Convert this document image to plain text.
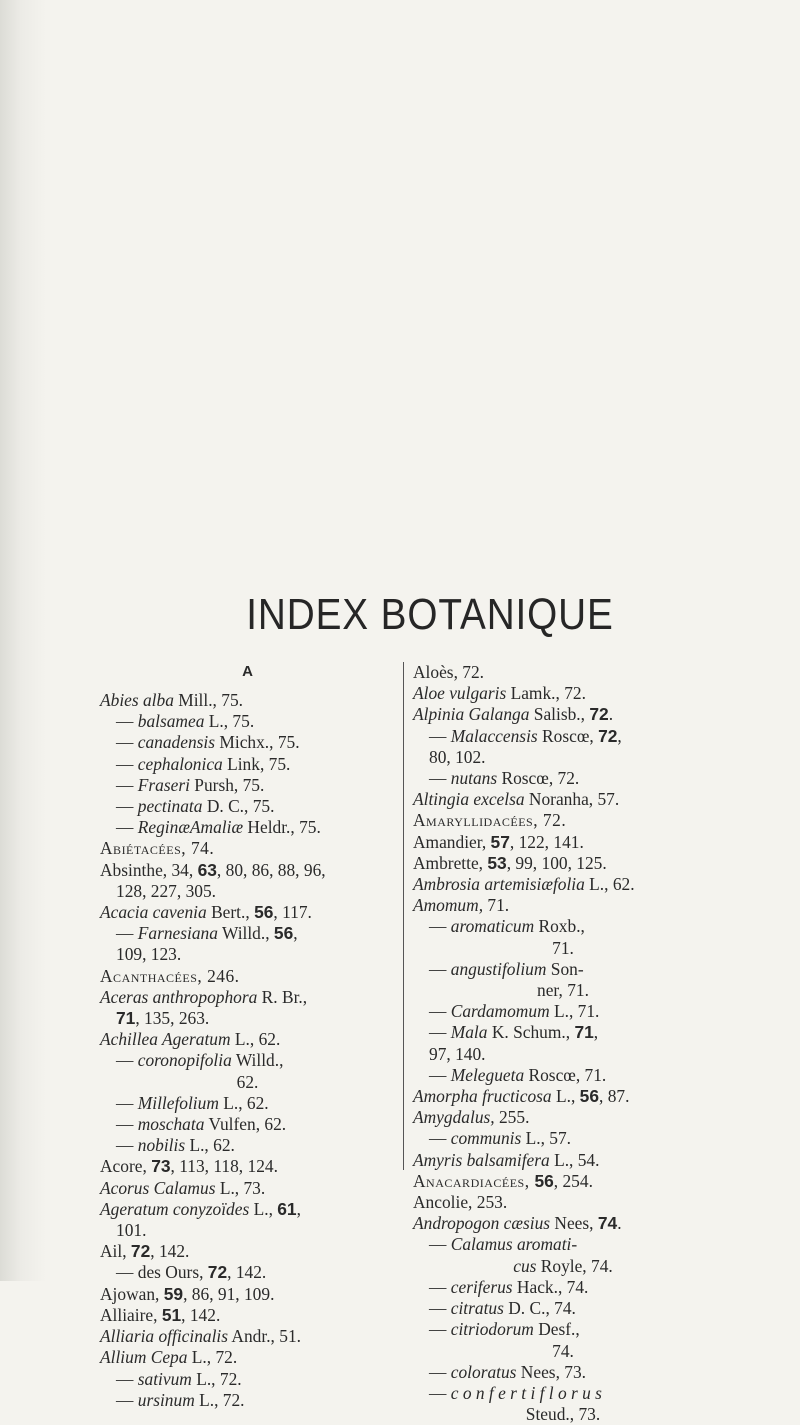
INDEX BOTANIQUE
A
Abies alba Mill., 75.
— balsamea L., 75.
— canadensis Michx., 75.
— cephalonica Link, 75.
— Fraseri Pursh, 75.
— pectinata D. C., 75.
— ReginæAmaliæ Heldr., 75.
Abiétacées, 74.
Absinthe, 34, 63, 80, 86, 88, 96,
128, 227, 305.
Acacia cavenia Bert., 56, 117.
— Farnesiana Willd., 56,
109, 123.
Acanthacées, 246.
Aceras anthropophora R. Br.,
71, 135, 263.
Achillea Ageratum L., 62.
— coronopifolia Willd.,
62.
— Millefolium L., 62.
— moschata Vulfen, 62.
— nobilis L., 62.
Acore, 73, 113, 118, 124.
Acorus Calamus L., 73.
Ageratum conyzoïdes L., 61,
101.
Ail, 72, 142.
— des Ours, 72, 142.
Ajowan, 59, 86, 91, 109.
Alliaire, 51, 142.
Alliaria officinalis Andr., 51.
Allium Cepa L., 72.
— sativum L., 72.
— ursinum L., 72.
Aloès, 72.
Aloe vulgaris Lamk., 72.
Alpinia Galanga Salisb., 72.
— Malaccensis Roscœ, 72,
80, 102.
— nutans Roscœ, 72.
Altingia excelsa Noranha, 57.
Amaryllidacées, 72.
Amandier, 57, 122, 141.
Ambrette, 53, 99, 100, 125.
Ambrosia artemisiæfolia L., 62.
Amomum, 71.
— aromaticum Roxb.,
71.
— angustifolium Son-
ner, 71.
— Cardamomum L., 71.
— Mala K. Schum., 71,
97, 140.
— Melegueta Roscœ, 71.
Amorpha fructicosa L., 56, 87.
Amygdalus, 255.
— communis L., 57.
Amyris balsamifera L., 54.
Anacardiacées, 56, 254.
Ancolie, 253.
Andropogon cæsius Nees, 74.
— Calamus aromati-
cus Royle, 74.
— ceriferus Hack., 74.
— citratus D. C., 74.
— citriodorum Desf.,
74.
— coloratus Nees, 73.
— c o n f e r t i f l o r u s
Steud., 73.
